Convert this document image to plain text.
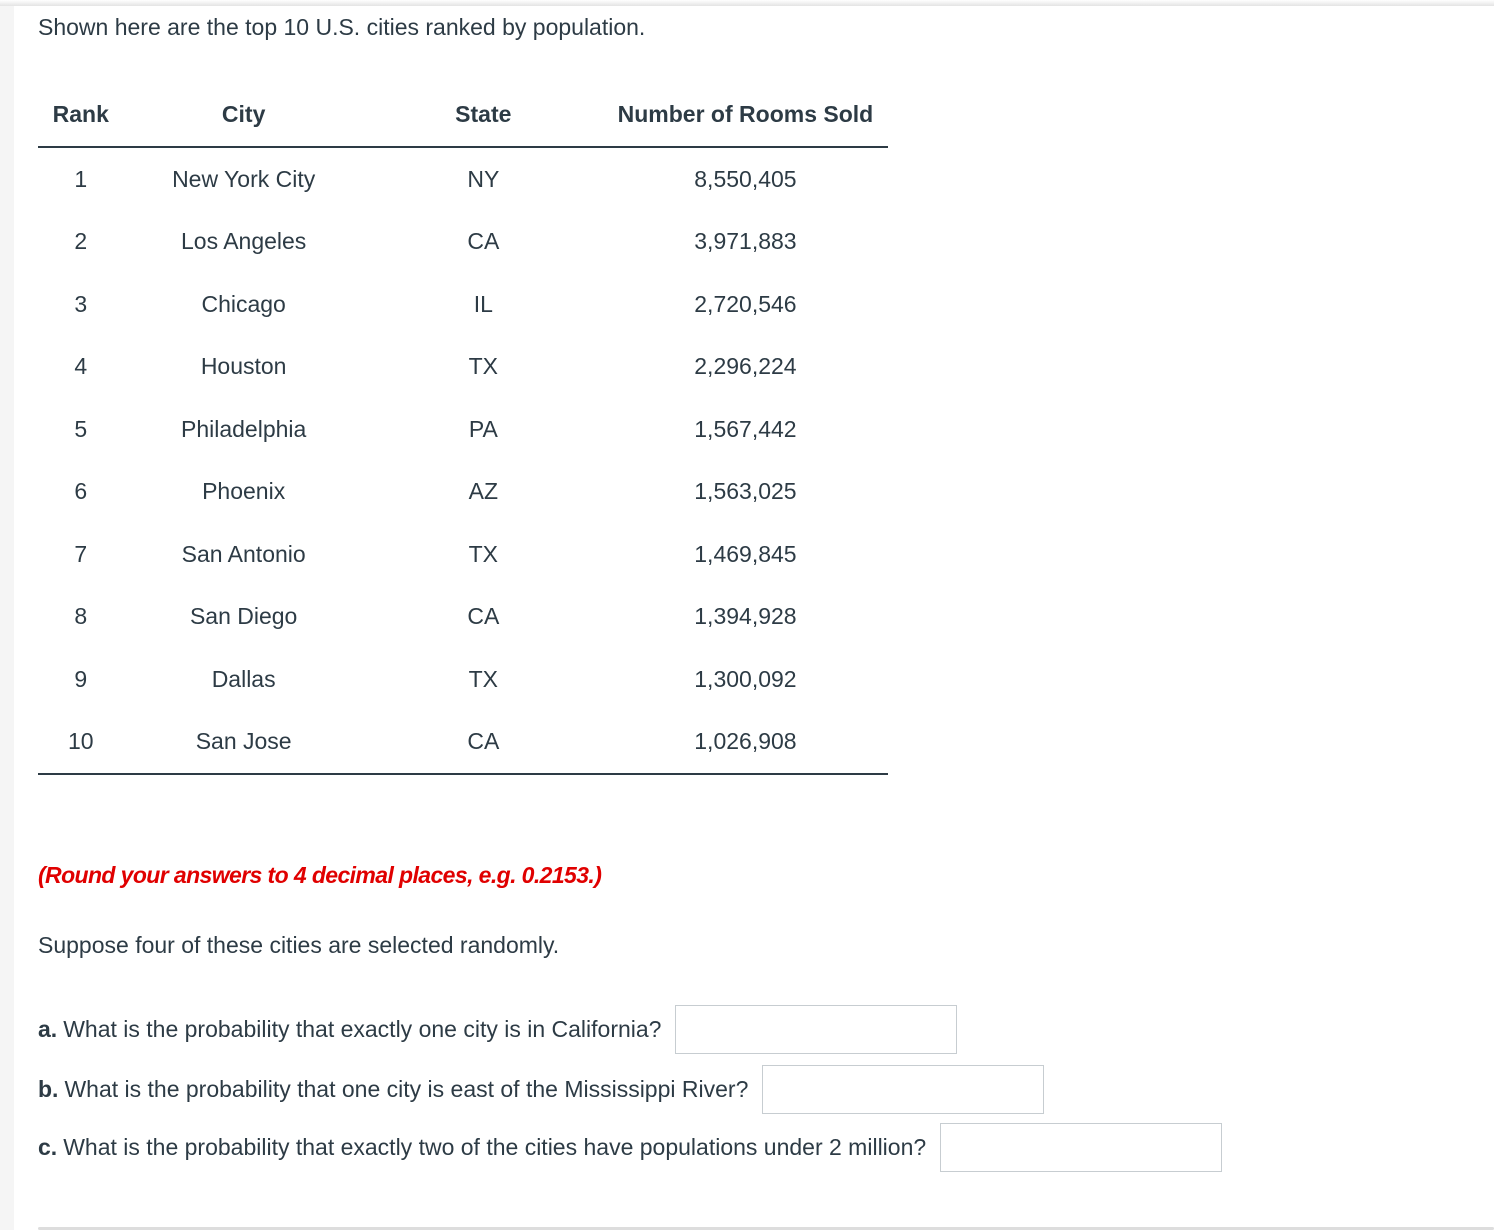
Shown here are the top 10 U.S. cities ranked by population.
Rank	City	State	Number of Rooms Sold
1	New York City	NY	8,550,405
2	Los Angeles	CA	3,971,883
3	Chicago	IL	2,720,546
4	Houston	TX	2,296,224
5	Philadelphia	PA	1,567,442
6	Phoenix	AZ	1,563,025
7	San Antonio	TX	1,469,845
8	San Diego	CA	1,394,928
9	Dallas	TX	1,300,092
10	San Jose	CA	1,026,908
(Round your answers to 4 decimal places, e.g. 0.2153.)
Suppose four of these cities are selected randomly.
a. What is the probability that exactly one city is in California?
b. What is the probability that one city is east of the Mississippi River?
c. What is the probability that exactly two of the cities have populations under 2 million?
